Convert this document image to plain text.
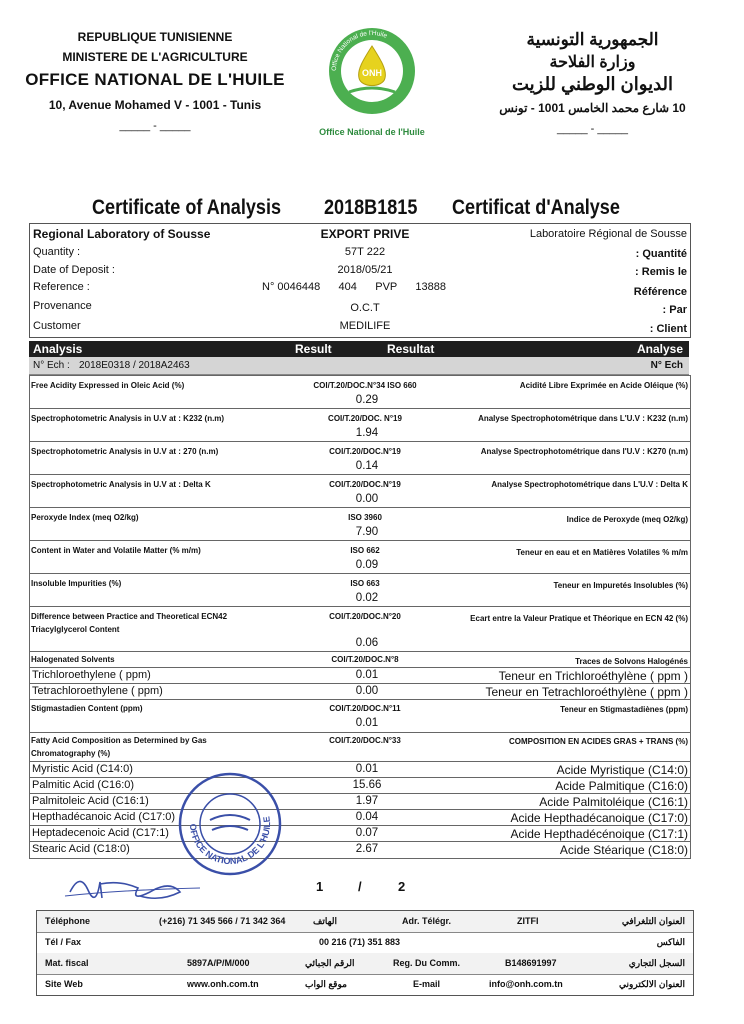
REPUBLIQUE TUNISIENNE
MINISTERE DE L'AGRICULTURE
OFFICE NATIONAL DE L'HUILE
10, Avenue Mohamed V - 1001 - Tunis
_____ - _____
Office National de l'Huile
ONH
Office National de l'Huile
الجمهورية التونسية
وزارة الفلاحة
الديوان الوطني للزيت
10 شارع محمد الخامس 1001 - تونس
_____ - _____
Certificate of Analysis 2018B1815 Certificat d'Analyse
Regional Laboratory of Sousse	EXPORT PRIVE	Laboratoire Régional de Sousse
Quantity :	57T 222	: Quantité
Date of Deposit :	2018/05/21	: Remis le
Reference :	N° 0046448      404      PVP      13888	Référence
Provenance	O.C.T	: Par
Customer	MEDILIFE	: Client
Analysis	Result	Resultat	Analyse
N° Ech : 2018E0318 / 2018A2463	N° Ech
Free Acidity Expressed in Oleic Acid (%)	COI/T.20/DOC.N°34 ISO 660	Acidité Libre Exprimée en Acide Oléique (%)
0.29
Spectrophotometric Analysis in U.V at : K232 (n.m)	COI/T.20/DOC. N°19	Analyse Spectrophotométrique dans L'U.V : K232 (n.m)
1.94
Spectrophotometric Analysis in U.V at : 270 (n.m)	COI/T.20/DOC.N°19	Analyse Spectrophotométrique dans l'U.V : K270 (n.m)
0.14
Spectrophotometric Analysis in U.V at : Delta K	COI/T.20/DOC.N°19	Analyse Spectrophotométrique dans L'U.V : Delta K
0.00
Peroxyde Index (meq O2/kg)	ISO 3960	Indice de Peroxyde (meq O2/kg)
7.90
Content in Water and Volatile Matter (% m/m)	ISO 662	Teneur en eau et en Matières Volatiles % m/m
0.09
Insoluble Impurities (%)	ISO 663	Teneur en Impuretés Insolubles (%)
0.02
Difference between Practice and Theoretical ECN42
Triacylglycerol Content
COI/T.20/DOC.N°20	Ecart entre la Valeur Pratique et Théorique en ECN 42 (%)
0.06
Halogenated Solvents	COI/T.20/DOC.N°8	Traces de Solvons Halogénés
Trichloroethylene ( ppm)	0.01	Teneur en Trichloroéthylène ( ppm )
Tetrachloroethylene ( ppm)	0.00	Teneur en Tetrachloroéthylène ( ppm )
Stigmastadien Content (ppm)	COI/T.20/DOC.N°11	Teneur en Stigmastadiènes (ppm)
0.01
Fatty Acid Composition as Determined by Gas
Chromatography (%)
COI/T.20/DOC.N°33	COMPOSITION EN ACIDES GRAS + TRANS (%)
Myristic Acid (C14:0)	0.01	Acide Myristique (C14:0)
Palmitic Acid (C16:0)	15.66	Acide Palmitique (C16:0)
Palmitoleic Acid (C16:1)	1.97	Acide Palmitoléique (C16:1)
Hepthadécanoic Acid (C17:0)	0.04	Acide Hepthadécanoique (C17:0)
Heptadecenoic Acid (C17:1)	0.07	Acide Hepthadécénoique (C17:1)
Stearic Acid (C18:0)	2.67	Acide Stéarique (C18:0)
OFFICE NATIONAL DE L'HUILE
1	/	2
Téléphone	(+216) 71 345 566 / 71 342 364	الهاتف	Adr. Télégr.	ZITFI	العنوان التلغرافي
Tél / Fax	00 216 (71) 351 883	الفاكس
Mat. fiscal	5897A/P/M/000	الرقم الجبائي	Reg. Du Comm.	B148691997	السجل التجاري
Site Web	www.onh.com.tn	موقع الواب	E-mail	info@onh.com.tn	العنوان الالكتروني
